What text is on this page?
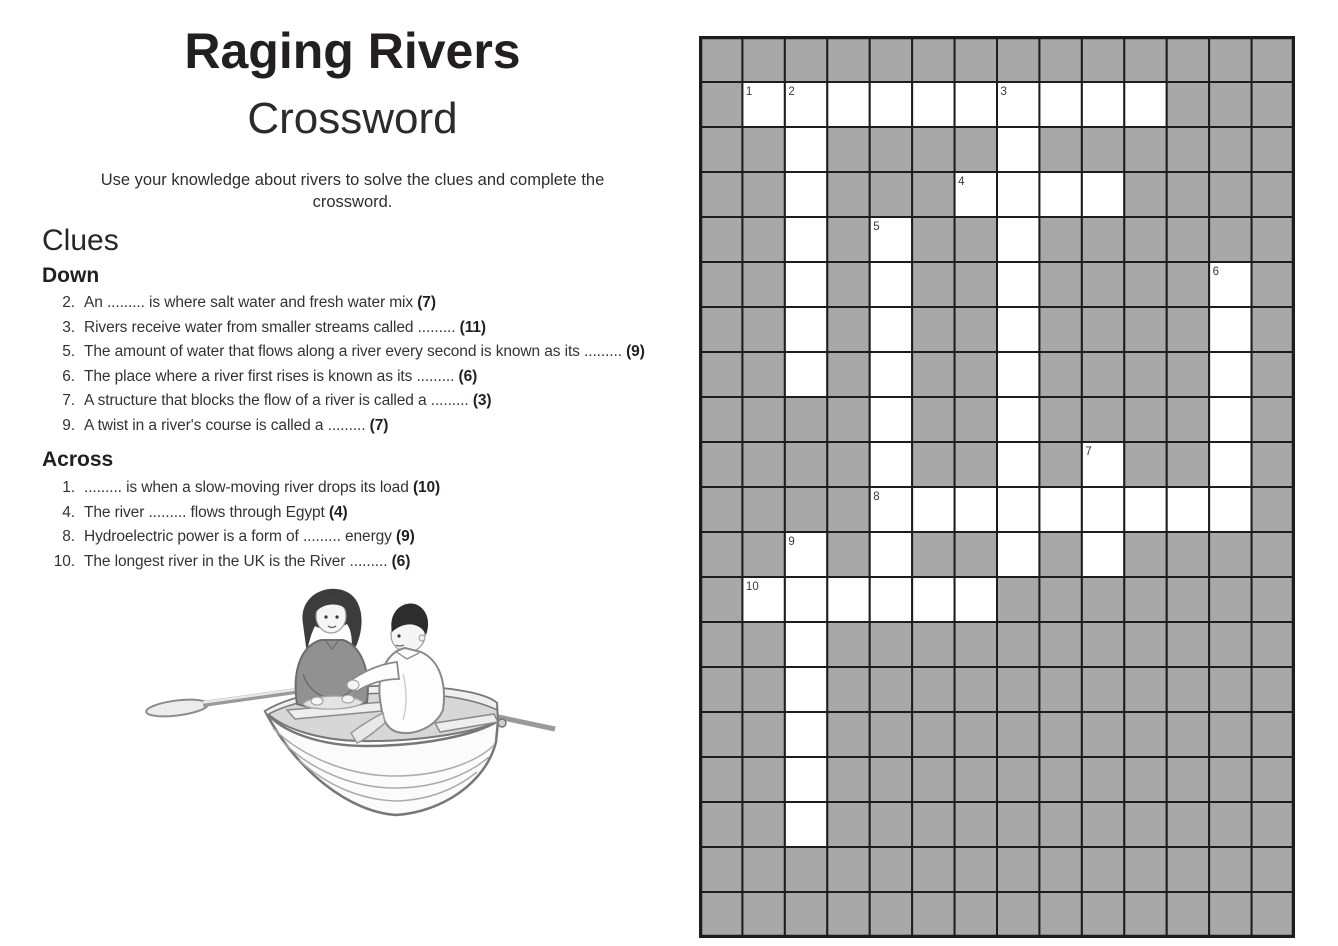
Raging Rivers
Crossword
Use your knowledge about rivers to solve the clues and complete the
crossword.
Clues
Down
2. An ......... is where salt water and fresh water mix (7)
3. Rivers receive water from smaller streams called ......... (11)
5. The amount of water that flows along a river every second is known as its ......... (9)
6. The place where a river first rises is known as its ......... (6)
7. A structure that blocks the flow of a river is called a ......... (3)
9. A twist in a river's course is called a ......... (7)
Across
1. ......... is when a slow-moving river drops its load (10)
4. The river ......... flows through Egypt (4)
8. Hydroelectric power is a form of ......... energy (9)
10. The longest river in the UK is the River ......... (6)
1	2	3
4
5
6
7
8
9
10
